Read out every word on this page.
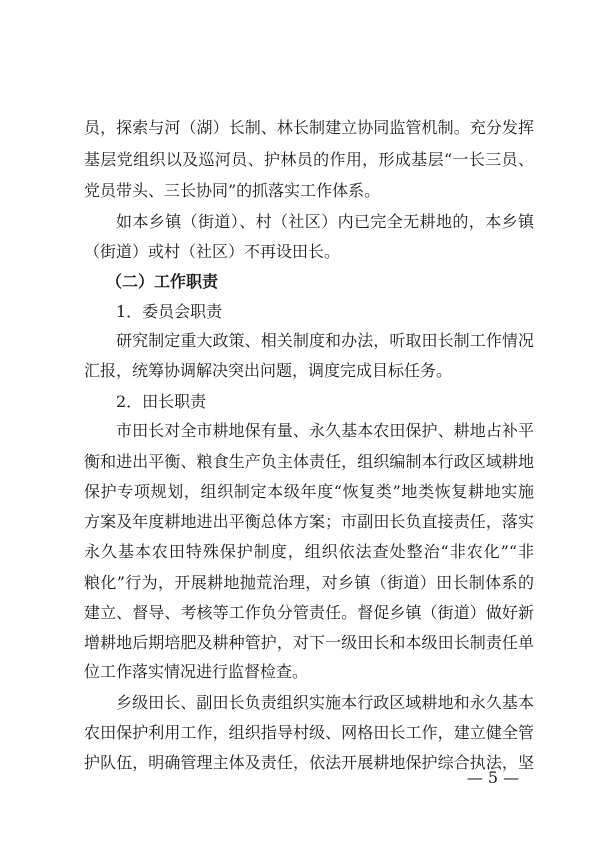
员，探索与河（湖）长制、林长制建立协同监管机制。充分发挥
基层党组织以及巡河员、护林员的作用，形成基层“一长三员、
党员带头、三长协同”的抓落实工作体系。
如本乡镇（街道）、村（社区）内已完全无耕地的，本乡镇
（街道）或村（社区）不再设田长。
（二）工作职责
1．委员会职责
研究制定重大政策、相关制度和办法，听取田长制工作情况
汇报，统筹协调解决突出问题，调度完成目标任务。
2．田长职责
市田长对全市耕地保有量、永久基本农田保护、耕地占补平
衡和进出平衡、粮食生产负主体责任，组织编制本行政区域耕地
保护专项规划，组织制定本级年度“恢复类”地类恢复耕地实施
方案及年度耕地进出平衡总体方案；市副田长负直接责任，落实
永久基本农田特殊保护制度，组织依法查处整治“非农化”“非
粮化”行为，开展耕地抛荒治理，对乡镇（街道）田长制体系的
建立、督导、考核等工作负分管责任。督促乡镇（街道）做好新
增耕地后期培肥及耕种管护，对下一级田长和本级田长制责任单
位工作落实情况进行监督检查。
乡级田长、副田长负责组织实施本行政区域耕地和永久基本
农田保护利用工作，组织指导村级、网格田长工作，建立健全管
护队伍，明确管理主体及责任，依法开展耕地保护综合执法，坚
— 5 —
